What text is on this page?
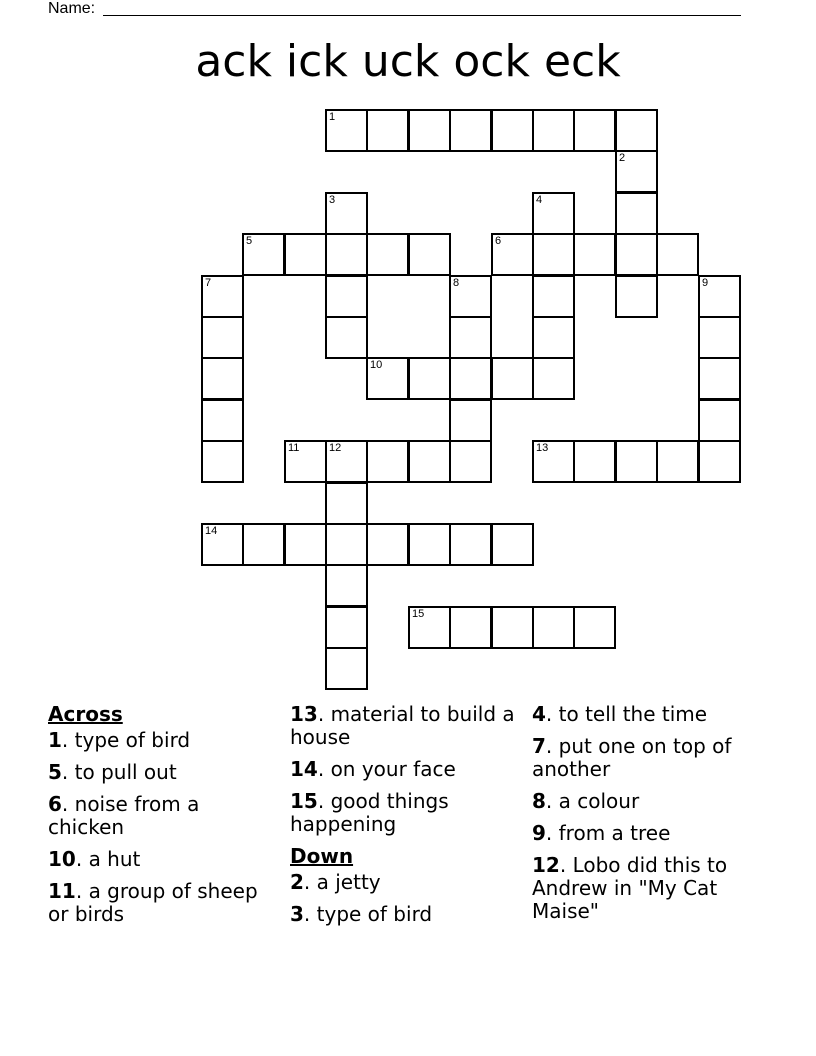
Name:
ack ick uck ock eck
1
2
3	4
5	6
7	8	9
10
11	12	13
14
15
Across
1. type of bird
5. to pull out
6. noise from a chicken
10. a hut
11. a group of sheep or birds
13. material to build a house
14. on your face
15. good things happening
Down
2. a jetty
3. type of bird
4. to tell the time
7. put one on top of another
8. a colour
9. from a tree
12. Lobo did this to Andrew in "My Cat Maise"
